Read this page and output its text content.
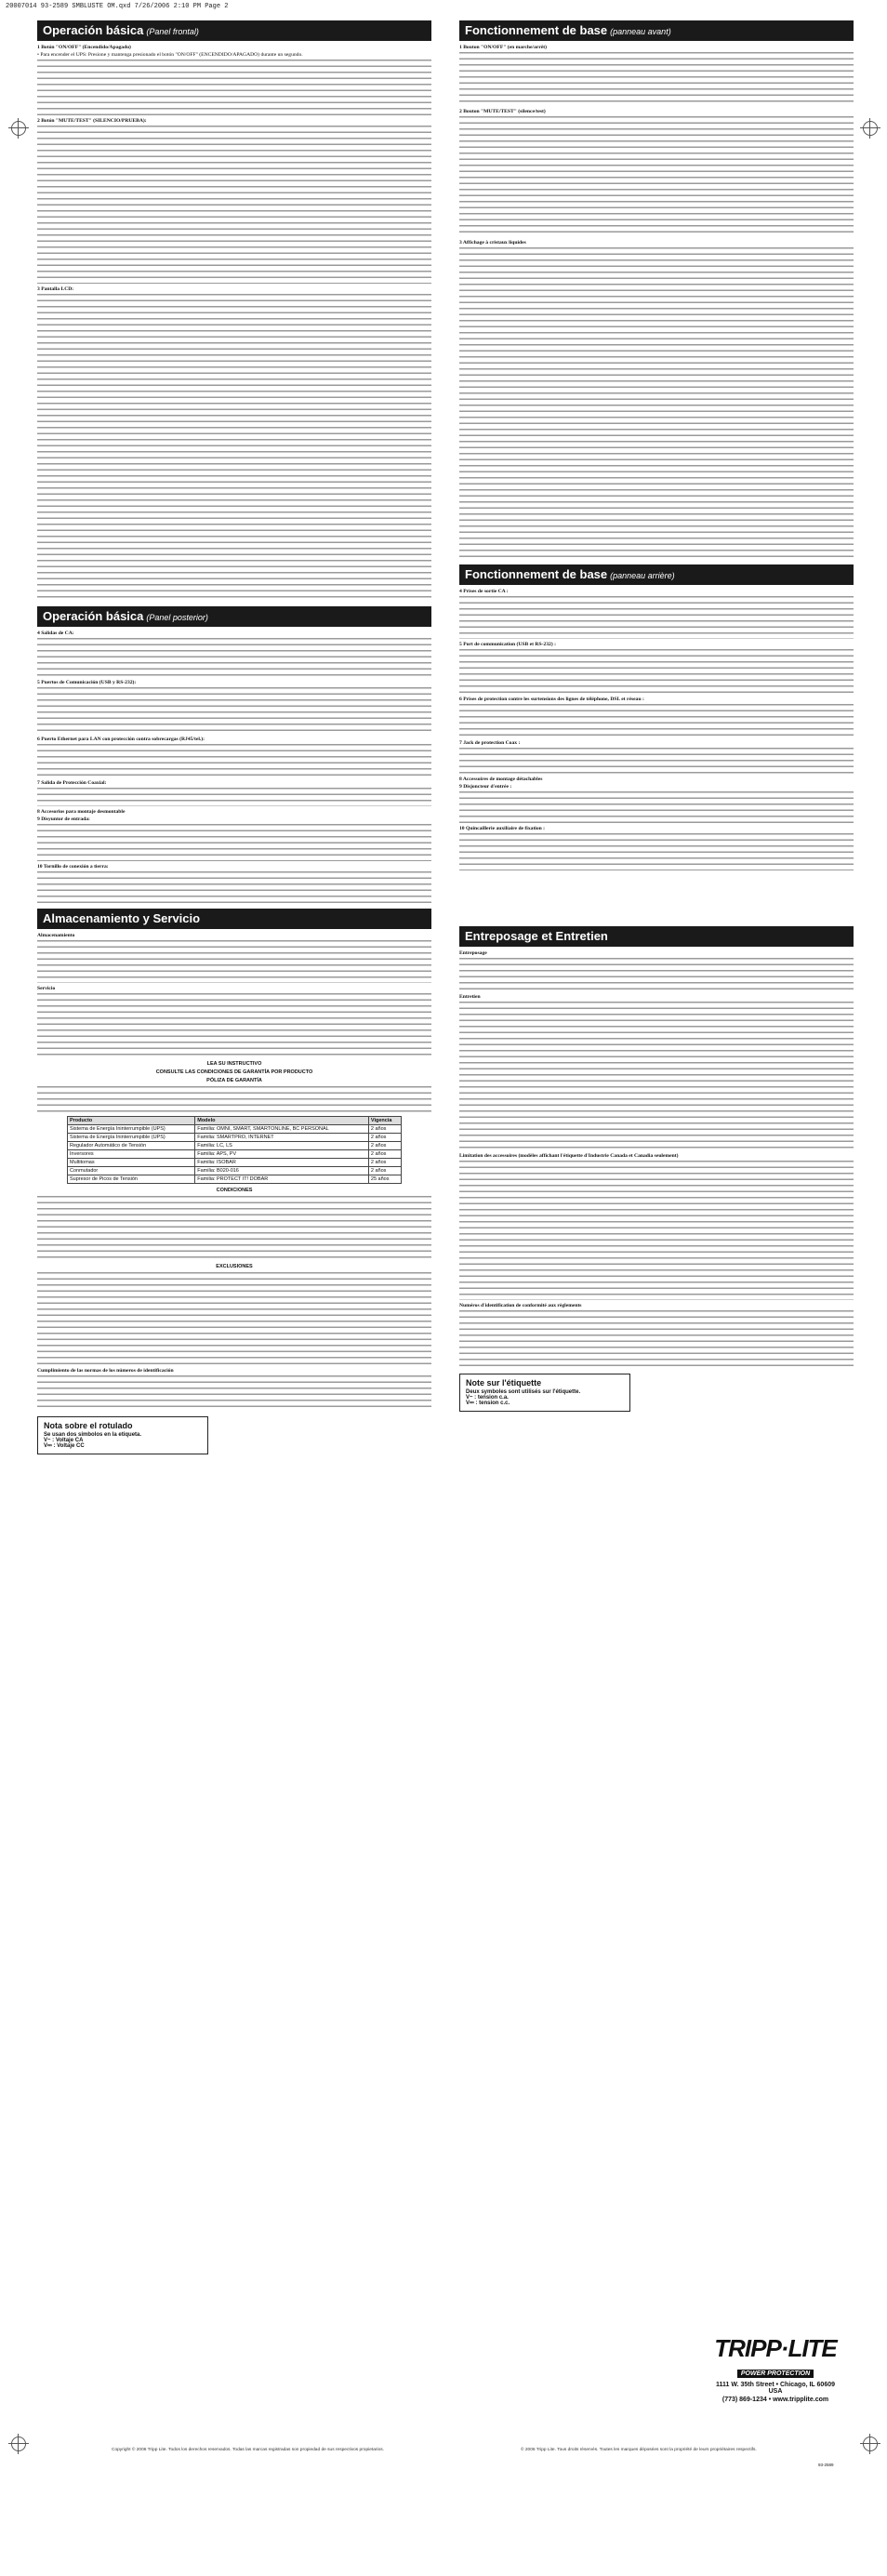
20007014 93-2589 SMBLUSTE OM.qxd 7/26/2006 2:10 PM Page 2
Operación básica (Panel frontal)

1 Botón "ON/OFF" (Encendido/Apagado)

• Para encender el UPS: Presione y mantenga presionado el botón "ON/OFF" (ENCENDIDO/APAGADO) durante un segundo.

2 Botón "MUTE/TEST" (SILENCIO/PRUEBA):

3 Pantalla LCD:

Operación básica (Panel posterior)

4 Salidas de CA:

5 Puertos de Comunicación (USB y RS-232):

6 Puerto Ethernet para LAN con protección contra sobrecargas (RJ45/tel.):

7 Salida de Protección Coaxial:

8 Accesorios para montaje desmontable

9 Disyuntor de entrada:

10 Tornillo de conexión a tierra:

Almacenamiento y Servicio

Almacenamiento

Servicio

LEA SU INSTRUCTIVO
CONSULTE LAS CONDICIONES DE GARANTÍA POR PRODUCTO
PÓLIZA DE GARANTÍA
Producto	Modelo	Vigencia
Sistema de Energía Ininterrumpible (UPS)	Familia: OMNI, SMART, SMARTONLINE, BC PERSONAL	2 años
Sistema de Energía Ininterrumpible (UPS)	Familia: SMARTPRO, INTERNET	2 años
Regulador Automático de Tensión	Familia: LC, LS	2 años
Inversores	Familia: APS, PV	2 años
Multitomas	Familia: ISOBAR	2 años
Conmutador	Familia: B020-016	2 años
Supresor de Picos de Tensión	Familia: PROTECT IT! DOBAR	25 años
CONDICIONES
EXCLUSIONES

Cumplimiento de las normas de los números de identificación

Nota sobre el rotulado
Se usan dos símbolos en la etiqueta.
V~ : Voltaje CA
V⎓ : Voltaje CC
Fonctionnement de base (panneau avant)

1 Bouton "ON/OFF" (en marche/arrêt)

2 Bouton "MUTE/TEST" (silence/test)

3 Affichage à cristaux liquides

Fonctionnement de base (panneau arrière)

4 Prises de sortie CA :

5 Port de communication (USB et RS-232) :

6 Prises de protection contre les surtensions des lignes de téléphone, DSL et réseau :

7 Jack de protection Coax :

8 Accessoires de montage détachables

9 Disjoncteur d'entrée :

10 Quincaillerie auxiliaire de fixation :

Entreposage et Entretien

Entreposage

Entretien

Limitation des accessoires (modèles affichant l'étiquette d'Industrie Canada et Canadia seulement)

Numéros d'identification de conformité aux règlements

Note sur l'étiquette
Deux symboles sont utilisés sur l'étiquette.
V~ : tension c.a.
V⎓ : tension c.c.
TRIPP·LITE
POWER PROTECTION
1111 W. 35th Street • Chicago, IL 60609 USA
(773) 869-1234 • www.tripplite.com
Copyright © 2006 Tripp Lite. Todos los derechos reservados. Todas las marcas registradas son propiedad de sus respectivos propietarios.	© 2006 Tripp Lite. Tous droits réservés. Toutes les marques déposées sont la propriété de leurs propriétaires respectifs.
93-2589
